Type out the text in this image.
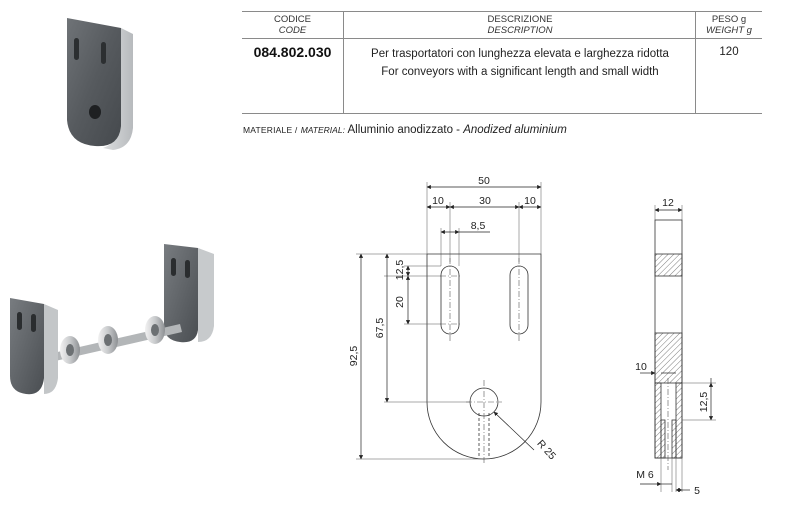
CODICE
CODE
084.802.030
DESCRIZIONE
DESCRIPTION
Per trasportatori con lunghezza elevata e larghezza ridotta
For conveyors with a significant length and small width
PESO g
WEIGHT g
120
MATERIALE / MATERIAL: Alluminio anodizzato - Anodized aluminium
50
10	30	10
8,5
92,5
67,5
12,5
20
R 25
12
10
12,5
M 6
5
